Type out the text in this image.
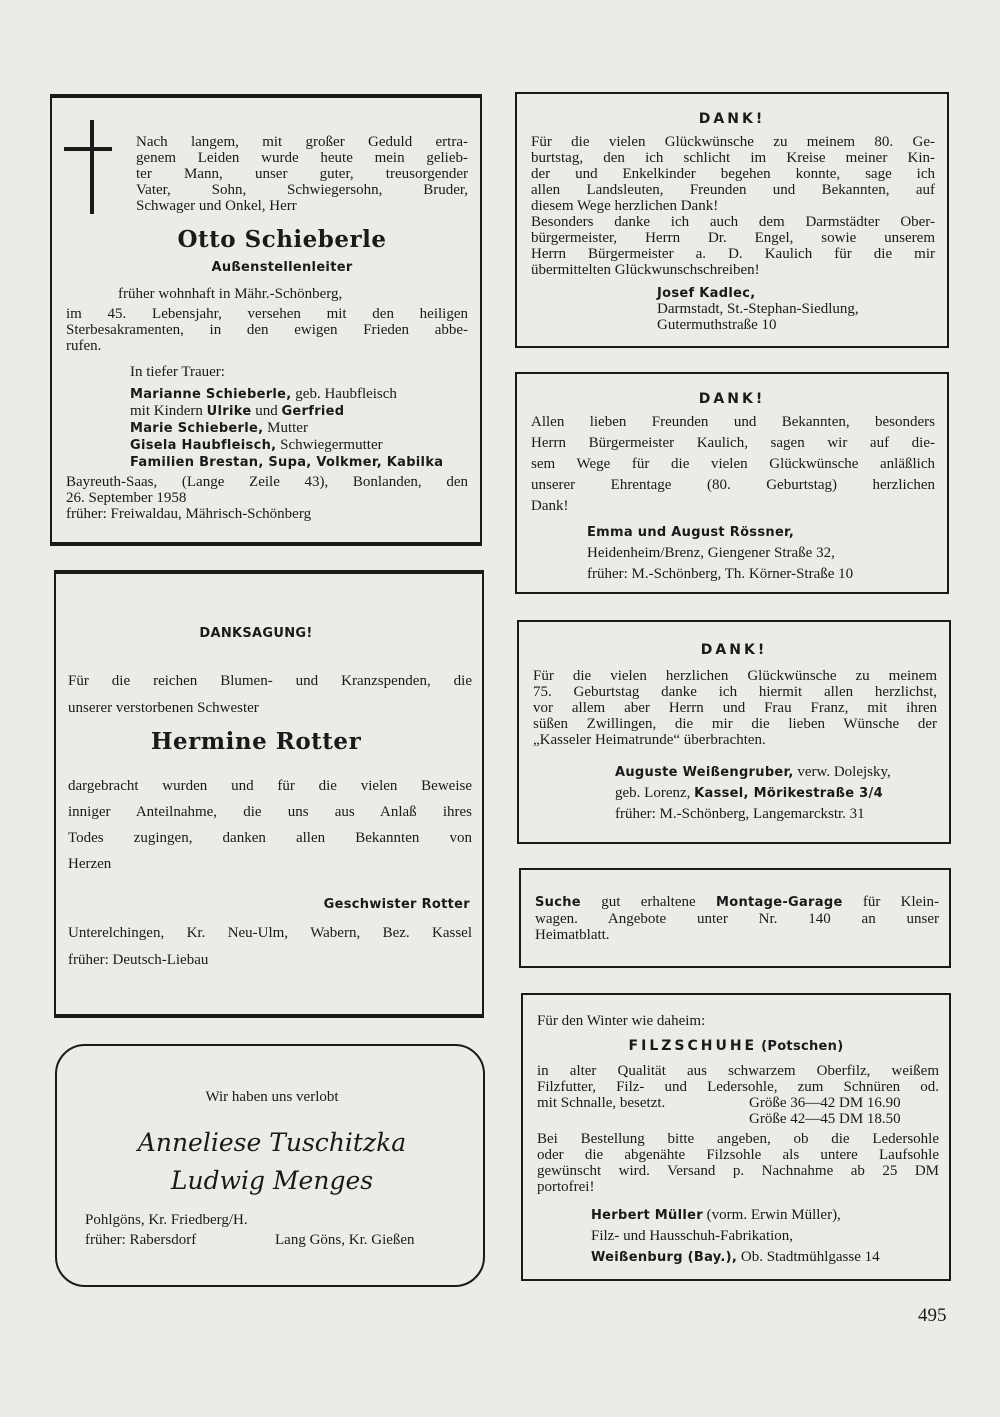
Nach langem, mit großer Geduld ertra-
genem Leiden wurde heute mein gelieb-
ter Mann, unser guter, treusorgender
Vater, Sohn, Schwiegersohn, Bruder,
Schwager und Onkel, Herr
Otto Schieberle
Außenstellenleiter
früher wohnhaft in Mähr.-Schönberg,
im 45. Lebensjahr, versehen mit den heiligen
Sterbesakramenten, in den ewigen Frieden abbe-
rufen.
In tiefer Trauer:
Marianne Schieberle, geb. Haubfleisch
mit Kindern Ulrike und Gerfried
Marie Schieberle, Mutter
Gisela Haubfleisch, Schwiegermutter
Familien Brestan, Supa, Volkmer, Kabilka
Bayreuth-Saas, (Lange Zeile 43), Bonlanden, den
26. September 1958
früher: Freiwaldau, Mährisch-Schönberg
DANKSAGUNG!
Für die reichen Blumen- und Kranzspenden, die
unserer verstorbenen Schwester
Hermine Rotter
dargebracht wurden und für die vielen Beweise
inniger Anteilnahme, die uns aus Anlaß ihres
Todes zugingen, danken allen Bekannten von
Herzen
Geschwister Rotter
Unterelchingen, Kr. Neu-Ulm, Wabern, Bez. Kassel
früher: Deutsch-Liebau
Wir haben uns verlobt
Anneliese Tuschitzka
Ludwig Menges
Pohlgöns, Kr. Friedberg/H.
früher: Rabersdorf	Lang Göns, Kr. Gießen
DANK!
Für die vielen Glückwünsche zu meinem 80. Ge-
burtstag, den ich schlicht im Kreise meiner Kin-
der und Enkelkinder begehen konnte, sage ich
allen Landsleuten, Freunden und Bekannten, auf
diesem Wege herzlichen Dank!
Besonders danke ich auch dem Darmstädter Ober-
bürgermeister, Herrn Dr. Engel, sowie unserem
Herrn Bürgermeister a. D. Kaulich für die mir
übermittelten Glückwunschschreiben!
Josef Kadlec,
Darmstadt, St.-Stephan-Siedlung,
Gutermuthstraße 10
DANK!
Allen lieben Freunden und Bekannten, besonders
Herrn Bürgermeister Kaulich, sagen wir auf die-
sem Wege für die vielen Glückwünsche anläßlich
unserer Ehrentage (80. Geburtstag) herzlichen
Dank!
Emma und August Rössner,
Heidenheim/Brenz, Giengener Straße 32,
früher: M.-Schönberg, Th. Körner-Straße 10
DANK!
Für die vielen herzlichen Glückwünsche zu meinem
75. Geburtstag danke ich hiermit allen herzlichst,
vor allem aber Herrn und Frau Franz, mit ihren
süßen Zwillingen, die mir die lieben Wünsche der
„Kasseler Heimatrunde“ überbrachten.
Auguste Weißengruber, verw. Dolejsky,
geb. Lorenz, Kassel, Mörikestraße 3/4
früher: M.-Schönberg, Langemarckstr. 31
Suche gut erhaltene Montage-Garage für Klein-
wagen. Angebote unter Nr. 140 an unser
Heimatblatt.
Für den Winter wie daheim:
FILZSCHUHE (Potschen)
in alter Qualität aus schwarzem Oberfilz, weißem
Filzfutter, Filz- und Ledersohle, zum Schnüren od.
mit Schnalle, besetzt.	Größe 36—42 DM 16.90
Größe 42—45 DM 18.50
Bei Bestellung bitte angeben, ob die Ledersohle
oder die abgenähte Filzsohle als untere Laufsohle
gewünscht wird. Versand p. Nachnahme ab 25 DM
portofrei!
Herbert Müller (vorm. Erwin Müller),
Filz- und Hausschuh-Fabrikation,
Weißenburg (Bay.), Ob. Stadtmühlgasse 14
495
